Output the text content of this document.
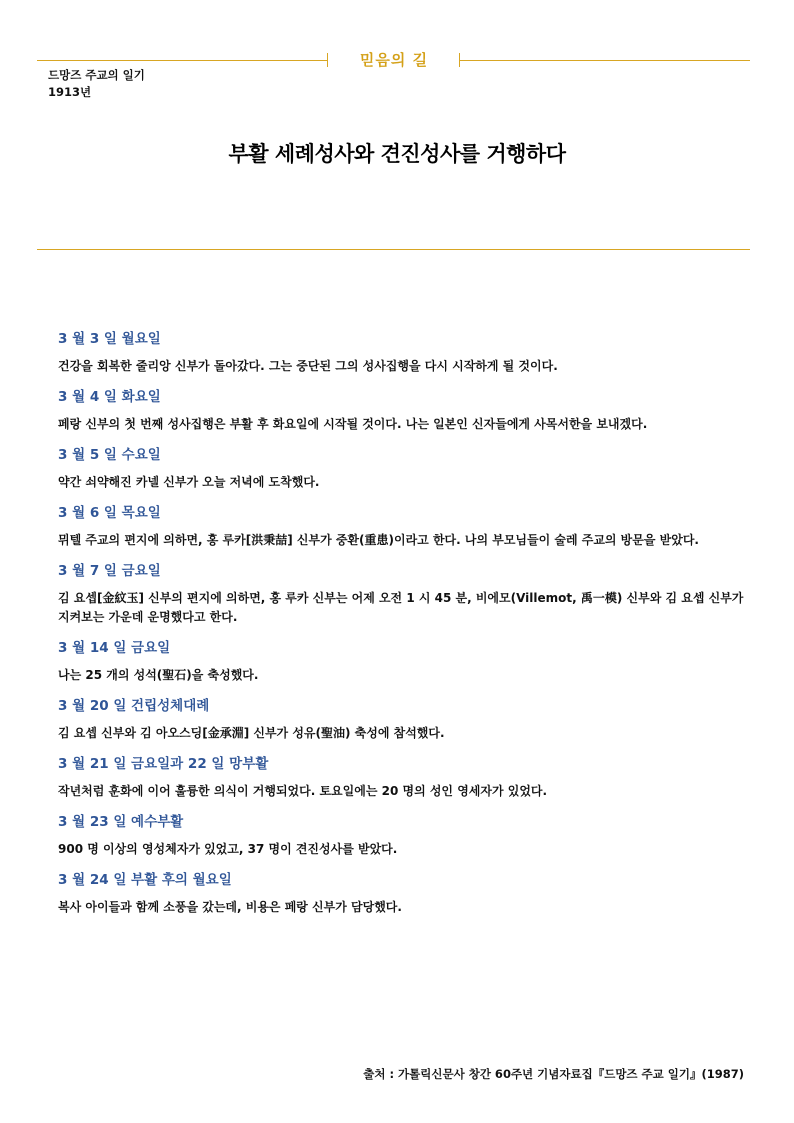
믿음의 길
드망즈 주교의 일기
1913년
부활 세례성사와 견진성사를 거행하다
3 월 3 일 월요일
건강을 회복한 줄리앙 신부가 돌아갔다. 그는 중단된 그의 성사집행을 다시 시작하게 될 것이다.
3 월 4 일 화요일
페랑 신부의 첫 번째 성사집행은 부활 후 화요일에 시작될 것이다. 나는 일본인 신자들에게 사목서한을 보내겠다.
3 월 5 일 수요일
약간 쇠약해진 카넬 신부가 오늘 저녁에 도착했다.
3 월 6 일 목요일
뮈텔 주교의 편지에 의하면, 홍 루카[洪秉喆] 신부가 중환(重患)이라고 한다. 나의 부모님들이 술레 주교의 방문을 받았다.
3 월 7 일 금요일
김 요셉[金紋玉] 신부의 편지에 의하면, 홍 루카 신부는 어제 오전 1 시 45 분, 비에모(Villemot, 禹一模) 신부와 김 요셉 신부가 지켜보는 가운데 운명했다고 한다.
3 월 14 일 금요일
나는 25 개의 성석(聖石)을 축성했다.
3 월 20 일 건립성체대례
김 요셉 신부와 김 아오스딩[金承淵] 신부가 성유(聖油) 축성에 참석했다.
3 월 21 일 금요일과 22 일 망부활
작년처럼 훈화에 이어 훌륭한 의식이 거행되었다. 토요일에는 20 명의 성인 영세자가 있었다.
3 월 23 일 예수부활
900 명 이상의 영성체자가 있었고, 37 명이 견진성사를 받았다.
3 월 24 일 부활 후의 월요일
복사 아이들과 함께 소풍을 갔는데, 비용은 페랑 신부가 담당했다.
출처 : 가톨릭신문사 창간 60주년 기념자료집『드망즈 주교 일기』(1987)
